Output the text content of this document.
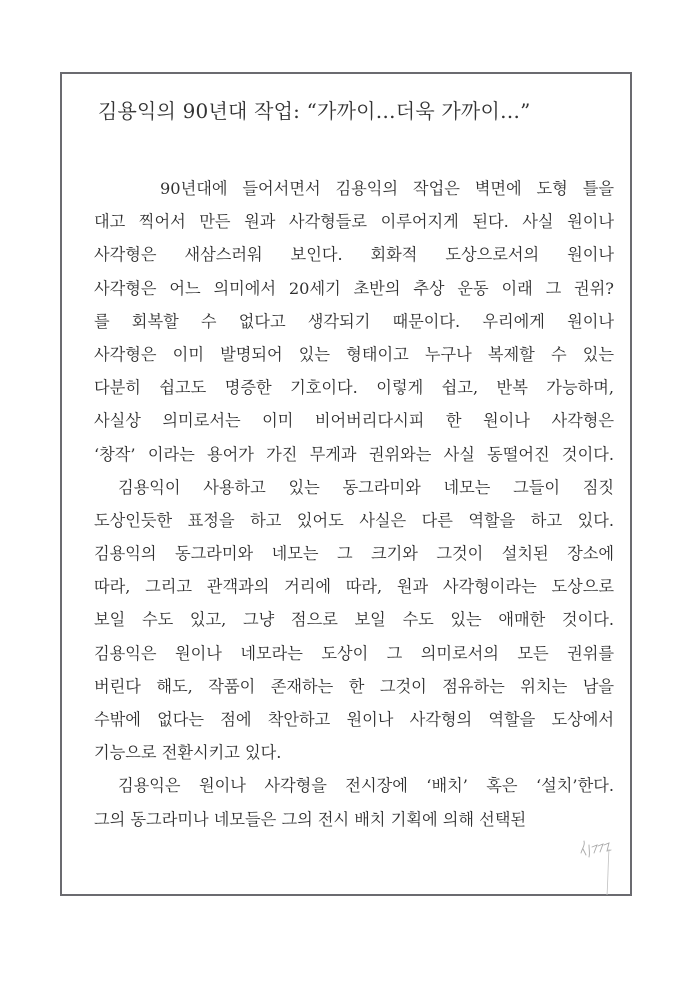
김용익의 90년대 작업: “가까이…더욱 가까이…”
90년대에 들어서면서 김용익의 작업은 벽면에 도형 틀을
대고 찍어서 만든 원과 사각형들로 이루어지게 된다. 사실 원이나
사각형은 새삼스러워 보인다. 회화적 도상으로서의 원이나
사각형은 어느 의미에서 20세기 초반의 추상 운동 이래 그 권위?
를 회복할 수 없다고 생각되기 때문이다. 우리에게 원이나
사각형은 이미 발명되어 있는 형태이고 누구나 복제할 수 있는
다분히 쉽고도 명증한 기호이다. 이렇게 쉽고, 반복 가능하며,
사실상 의미로서는 이미 비어버리다시피 한 원이나 사각형은
‘창작’ 이라는 용어가 가진 무게과 권위와는 사실 동떨어진 것이다.
김용익이 사용하고 있는 동그라미와 네모는 그들이 짐짓
도상인듯한 표정을 하고 있어도 사실은 다른 역할을 하고 있다.
김용익의 동그라미와 네모는 그 크기와 그것이 설치된 장소에
따라, 그리고 관객과의 거리에 따라, 원과 사각형이라는 도상으로
보일 수도 있고, 그냥 점으로 보일 수도 있는 애매한 것이다.
김용익은 원이나 네모라는 도상이 그 의미로서의 모든 권위를
버린다 해도, 작품이 존재하는 한 그것이 점유하는 위치는 남을
수밖에 없다는 점에 착안하고 원이나 사각형의 역할을 도상에서
기능으로 전환시키고 있다.
김용익은 원이나 사각형을 전시장에 ‘배치’ 혹은 ‘설치’한다.
그의 동그라미나 네모들은 그의 전시 배치 기획에 의해 선택된
